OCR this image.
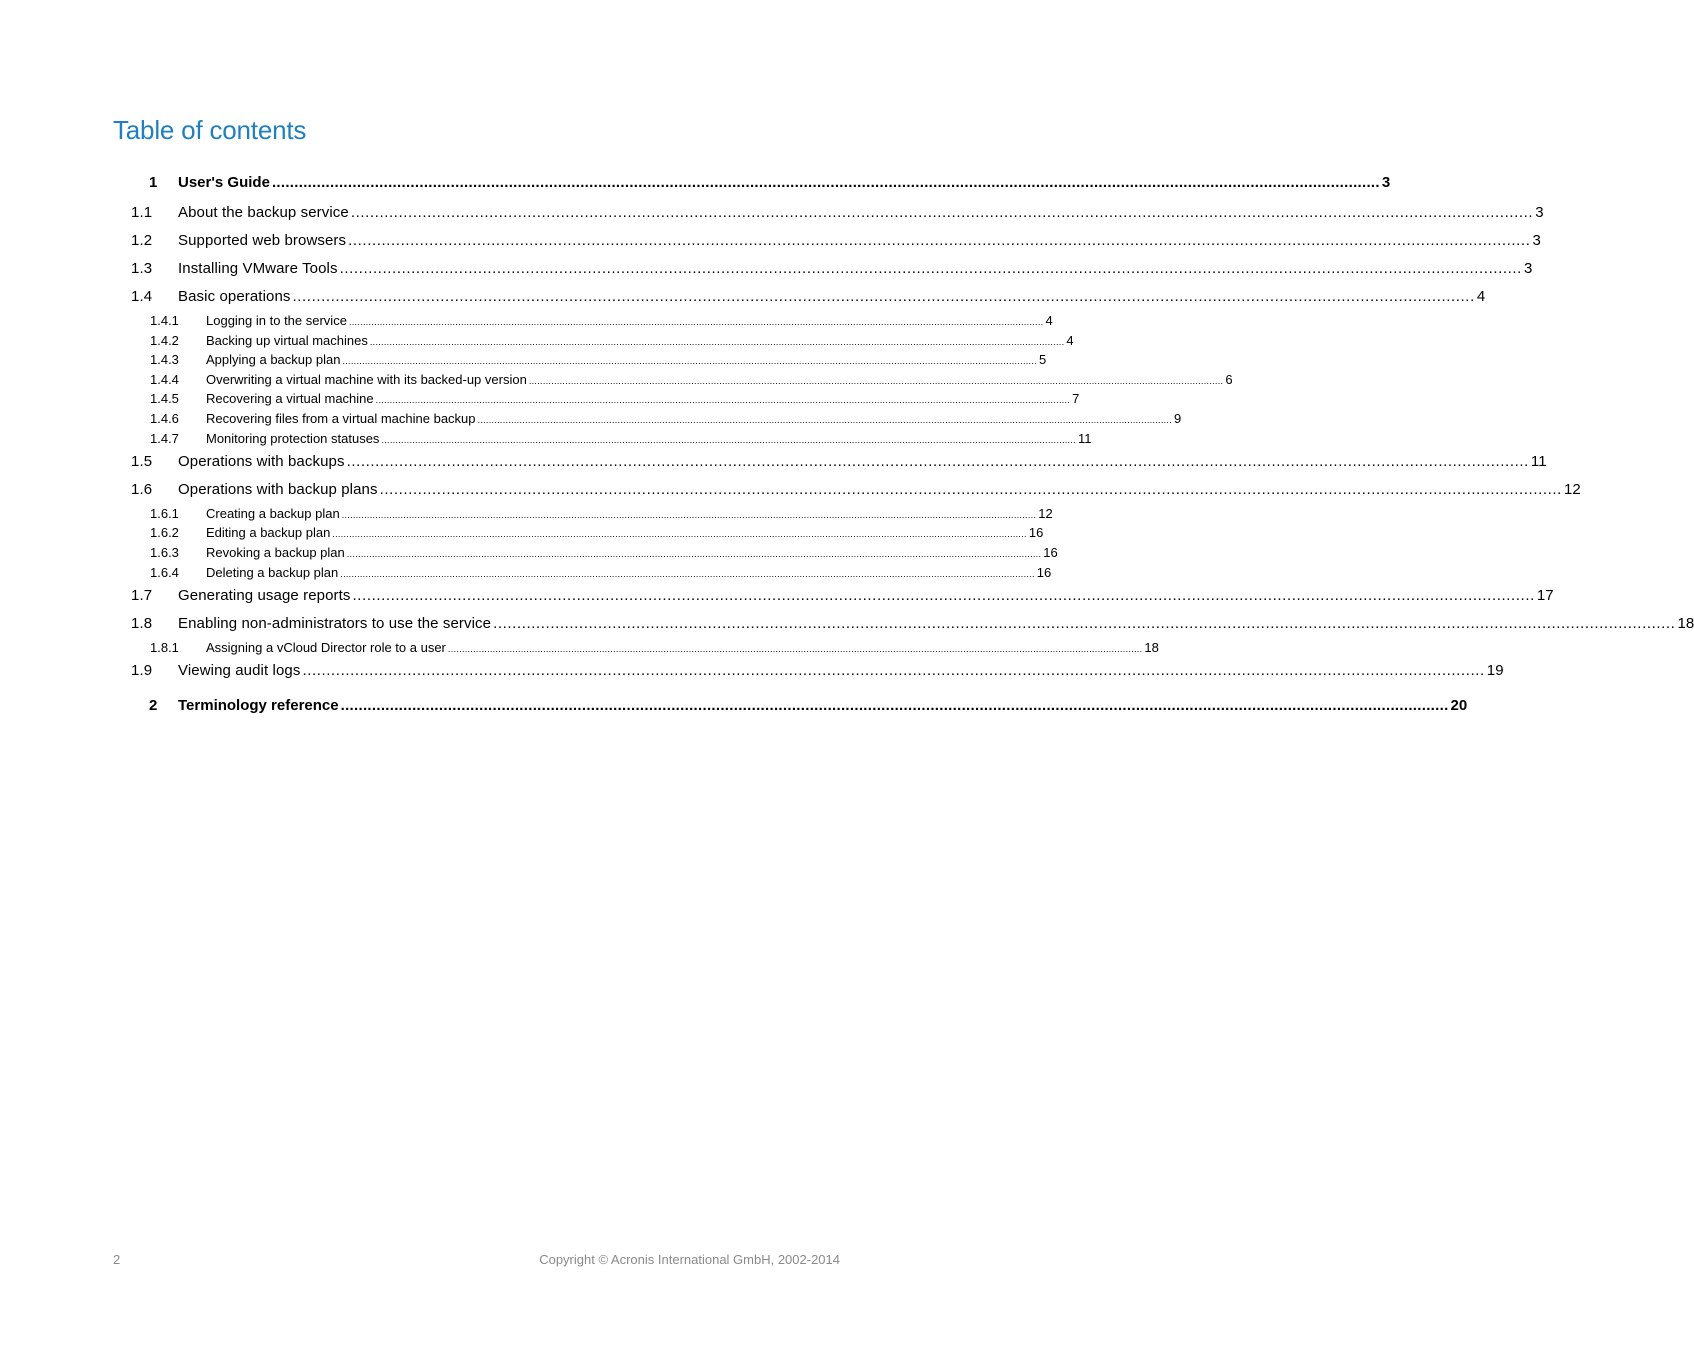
Table of contents
1	User's Guide ........................................................................................................................................................................................................................................................ 3
1.1	About the backup service ........................................................................................................................................................................................................................................................ 3
1.2	Supported web browsers ........................................................................................................................................................................................................................................................ 3
1.3	Installing VMware Tools ........................................................................................................................................................................................................................................................ 3
1.4	Basic operations ........................................................................................................................................................................................................................................................ 4
1.4.1	Logging in to the service ........................................................................................................................................................................................................................................................ 4
1.4.2	Backing up virtual machines ........................................................................................................................................................................................................................................................ 4
1.4.3	Applying a backup plan ........................................................................................................................................................................................................................................................ 5
1.4.4	Overwriting a virtual machine with its backed-up version ........................................................................................................................................................................................................................................................ 6
1.4.5	Recovering a virtual machine ........................................................................................................................................................................................................................................................ 7
1.4.6	Recovering files from a virtual machine backup ........................................................................................................................................................................................................................................................ 9
1.4.7	Monitoring protection statuses ........................................................................................................................................................................................................................................................ 11
1.5	Operations with backups ........................................................................................................................................................................................................................................................ 11
1.6	Operations with backup plans ........................................................................................................................................................................................................................................................ 12
1.6.1	Creating a backup plan ........................................................................................................................................................................................................................................................ 12
1.6.2	Editing a backup plan ........................................................................................................................................................................................................................................................ 16
1.6.3	Revoking a backup plan ........................................................................................................................................................................................................................................................ 16
1.6.4	Deleting a backup plan ........................................................................................................................................................................................................................................................ 16
1.7	Generating usage reports ........................................................................................................................................................................................................................................................ 17
1.8	Enabling non-administrators to use the service ........................................................................................................................................................................................................................................................ 18
1.8.1	Assigning a vCloud Director role to a user ........................................................................................................................................................................................................................................................ 18
1.9	Viewing audit logs ........................................................................................................................................................................................................................................................ 19
2	Terminology reference ........................................................................................................................................................................................................................................................ 20
2	Copyright © Acronis International GmbH, 2002-2014
